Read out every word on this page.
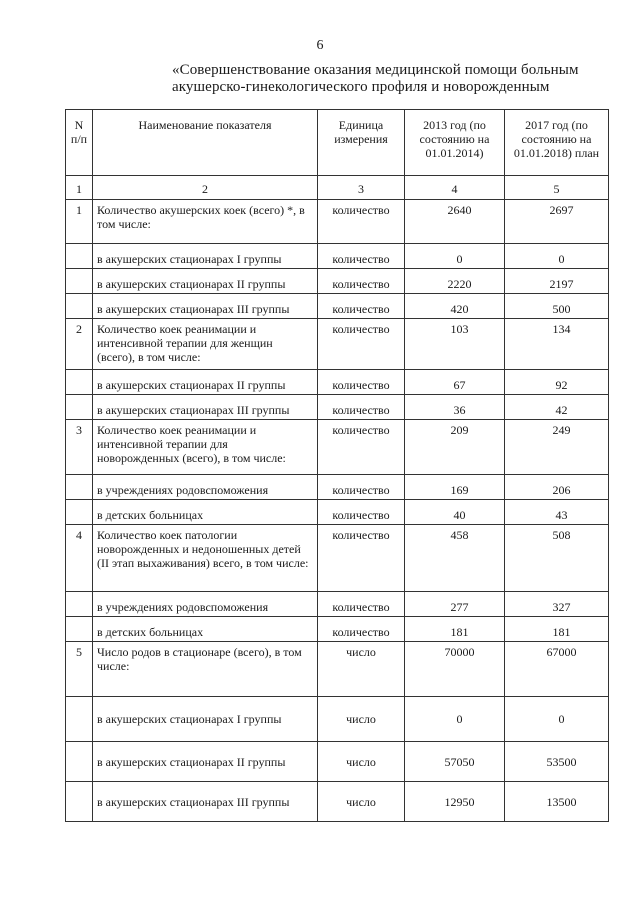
6
«Совершенствование оказания медицинской помощи больным
акушерско-гинекологического профиля и новорожденным
N п/п	Наименование показателя	Единица измерения	2013 год (по состоянию на 01.01.2014)	2017 год (по состоянию на 01.01.2018) план
1	2	3	4	5
1	Количество акушерских коек (всего) *, в том числе:	количество	2640	2697
	в акушерских стационарах I группы	количество	0	0
	в акушерских стационарах II группы	количество	2220	2197
	в акушерских стационарах III группы	количество	420	500
2	Количество коек реанимации и интенсивной терапии для женщин (всего), в том числе:	количество	103	134
	в акушерских стационарах II группы	количество	67	92
	в акушерских стационарах III группы	количество	36	42
3	Количество коек реанимации и интенсивной терапии для новорожденных (всего), в том числе:	количество	209	249
	в учреждениях родовспоможения	количество	169	206
	в детских больницах	количество	40	43
4	Количество коек патологии новорожденных и недоношенных детей (II этап выхаживания) всего, в том числе:	количество	458	508
	в учреждениях родовспоможения	количество	277	327
	в детских больницах	количество	181	181
5	Число родов в стационаре (всего), в том числе:	число	70000	67000
	в акушерских стационарах I группы	число	0	0
	в акушерских стационарах II группы	число	57050	53500
	в акушерских стационарах III группы	число	12950	13500
